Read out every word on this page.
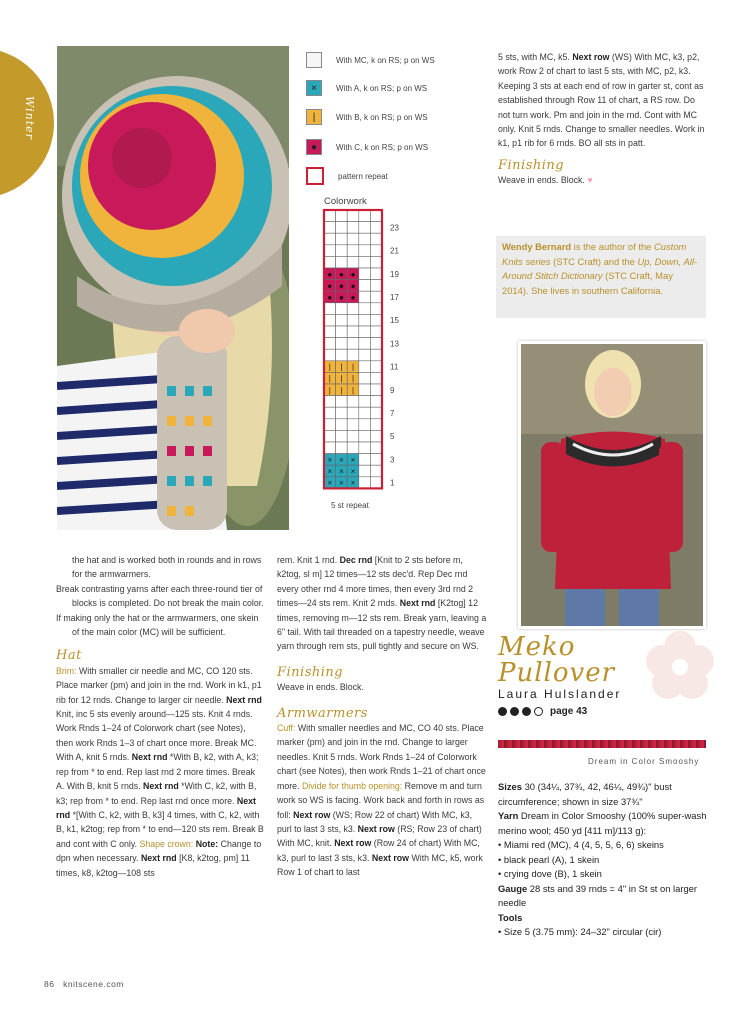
Winter
With MC, k on RS; p on WS
×	With A, k on RS; p on WS
|	With B, k on RS; p on WS
●	With C, k on RS; p on WS
pattern repeat
Colorwork
● ● ●
● ● ●
● ● ●
| | |
| | |
| | |
× × ×
× × ×
× × ×
23
21
19
17
15
13
11
9
7
5
3
1
5 st repeat

the hat and is worked both in rounds and in rows for the armwarmers.

Break contrasting yarns after each three-round tier of blocks is completed. Do not break the main color.

If making only the hat or the armwarmers, one skein of the main color (MC) will be sufficient.

Hat

Brim: With smaller cir needle and MC, CO 120 sts. Place marker (pm) and join in the rnd. Work in k1, p1 rib for 12 rnds. Change to larger cir needle. Next rnd Knit, inc 5 sts evenly around—125 sts. Knit 4 rnds. Work Rnds 1–24 of Colorwork chart (see Notes), then work Rnds 1–3 of chart once more. Break MC. With A, knit 5 rnds. Next rnd *With B, k2, with A, k3; rep from * to end. Rep last rnd 2 more times. Break A. With B, knit 5 rnds. Next rnd *With C, k2, with B, k3; rep from * to end. Rep last rnd once more. Next rnd *[With C, k2, with B, k3] 4 times, with C, k2, with B, k1, k2tog; rep from * to end—120 sts rem. Break B and cont with C only. Shape crown: Note: Change to dpn when necessary. Next rnd [K8, k2tog, pm] 11 times, k8, k2tog—108 sts

rem. Knit 1 rnd. Dec rnd [Knit to 2 sts before m, k2tog, sl m] 12 times—12 sts dec'd. Rep Dec rnd every other rnd 4 more times, then every 3rd rnd 2 times—24 sts rem. Knit 2 rnds. Next rnd [K2tog] 12 times, removing m—12 sts rem. Break yarn, leaving a 6" tail. With tail threaded on a tapestry needle, weave yarn through rem sts, pull tightly and secure on WS.

Finishing

Weave in ends. Block.

Armwarmers

Cuff: With smaller needles and MC, CO 40 sts. Place marker (pm) and join in the rnd. Change to larger needles. Knit 5 rnds. Work Rnds 1–24 of Colorwork chart (see Notes), then work Rnds 1–21 of chart once more. Divide for thumb opening: Remove m and turn work so WS is facing. Work back and forth in rows as foll: Next row (WS; Row 22 of chart) With MC, k3, purl to last 3 sts, k3. Next row (RS; Row 23 of chart) With MC, knit. Next row (Row 24 of chart) With MC, k3, purl to last 3 sts, k3. Next row With MC, k5, work Row 1 of chart to last

5 sts, with MC, k5. Next row (WS) With MC, k3, p2, work Row 2 of chart to last 5 sts, with MC, p2, k3. Keeping 3 sts at each end of row in garter st, cont as established through Row 11 of chart, a RS row. Do not turn work. Pm and join in the rnd. Cont with MC only. Knit 5 rnds. Change to smaller needles. Work in k1, p1 rib for 6 rnds. BO all sts in patt.

Finishing

Weave in ends. Block. ♥

Wendy Bernard is the author of the Custom Knits series (STC Craft) and the Up, Down, All-Around Stitch Dictionary (STC Craft, May 2014). She lives in southern California.
Meko
Pullover
Laura Hulslander
page 43
Dream in Color Smooshy

Sizes 30 (34¼, 37¾, 42, 46¼, 49¾)" bust circumference; shown in size 37¾"

Yarn Dream in Color Smooshy (100% super-wash merino wool; 450 yd [411 m]/113 g):

• Miami red (MC), 4 (4, 5, 5, 6, 6) skeins

• black pearl (A), 1 skein

• crying dove (B), 1 skein

Gauge 28 sts and 39 rnds = 4" in St st on larger needle

Tools

• Size 5 (3.75 mm): 24–32" circular (cir)

86 knitscene.com
